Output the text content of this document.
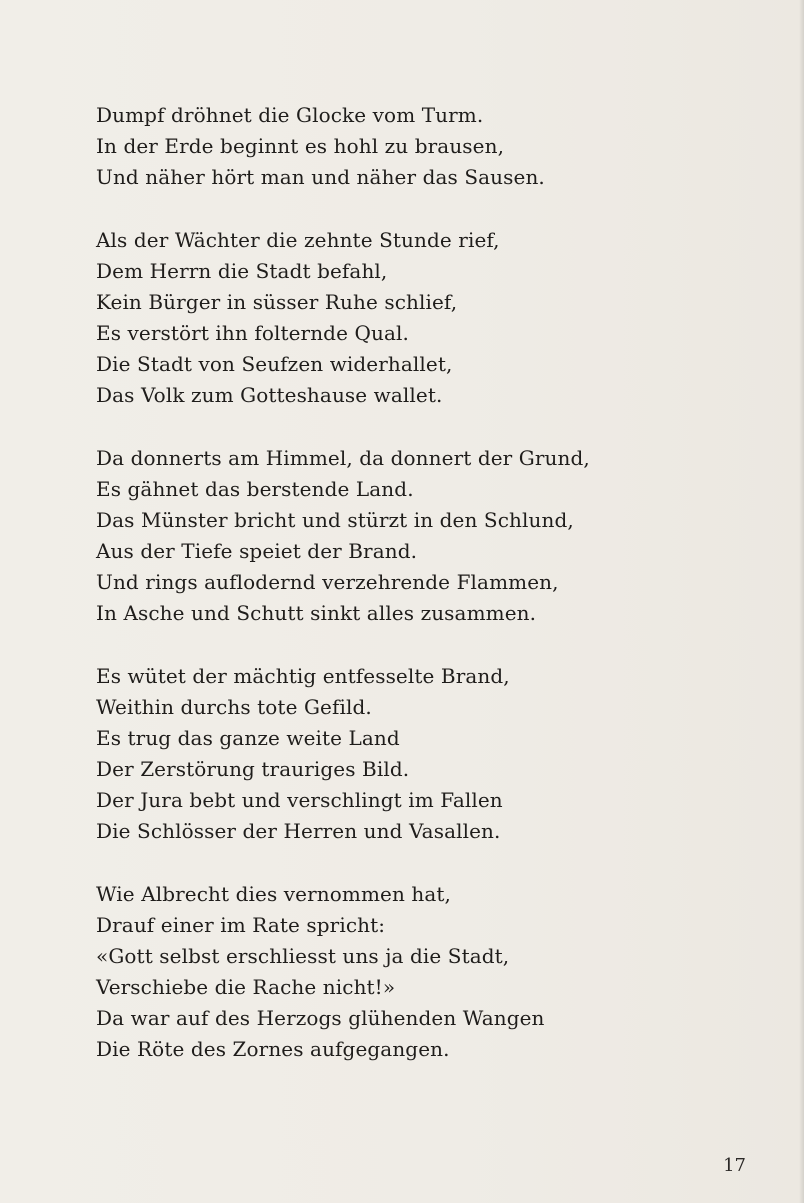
Dumpf dröhnet die Glocke vom Turm.
In der Erde beginnt es hohl zu brausen,
Und näher hört man und näher das Sausen.
Als der Wächter die zehnte Stunde rief,
Dem Herrn die Stadt befahl,
Kein Bürger in süsser Ruhe schlief,
Es verstört ihn folternde Qual.
Die Stadt von Seufzen widerhallet,
Das Volk zum Gotteshause wallet.
Da donnerts am Himmel, da donnert der Grund,
Es gähnet das berstende Land.
Das Münster bricht und stürzt in den Schlund,
Aus der Tiefe speiet der Brand.
Und rings auflodernd verzehrende Flammen,
In Asche und Schutt sinkt alles zusammen.
Es wütet der mächtig entfesselte Brand,
Weithin durchs tote Gefild.
Es trug das ganze weite Land
Der Zerstörung trauriges Bild.
Der Jura bebt und verschlingt im Fallen
Die Schlösser der Herren und Vasallen.
Wie Albrecht dies vernommen hat,
Drauf einer im Rate spricht:
«Gott selbst erschliesst uns ja die Stadt,
Verschiebe die Rache nicht!»
Da war auf des Herzogs glühenden Wangen
Die Röte des Zornes aufgegangen.
17
